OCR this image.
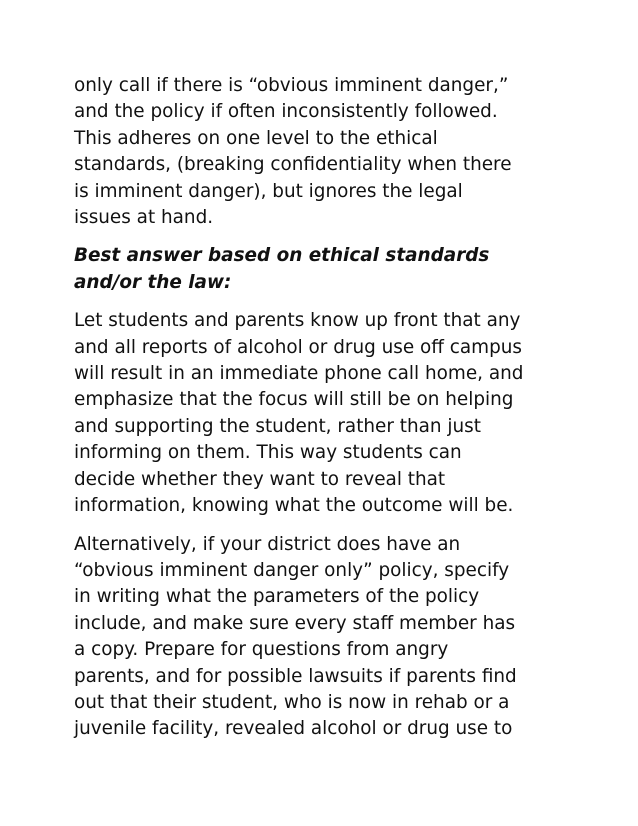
only call if there is “obvious imminent danger,”
and the policy if often inconsistently followed.
This adheres on one level to the ethical
standards, (breaking confidentiality when there
is imminent danger), but ignores the legal
issues at hand.

Best answer based on ethical standards
and/or the law:

Let students and parents know up front that any
and all reports of alcohol or drug use off campus
will result in an immediate phone call home, and
emphasize that the focus will still be on helping
and supporting the student, rather than just
informing on them. This way students can
decide whether they want to reveal that
information, knowing what the outcome will be.

Alternatively, if your district does have an
“obvious imminent danger only” policy, specify
in writing what the parameters of the policy
include, and make sure every staff member has
a copy. Prepare for questions from angry
parents, and for possible lawsuits if parents find
out that their student, who is now in rehab or a
juvenile facility, revealed alcohol or drug use to
